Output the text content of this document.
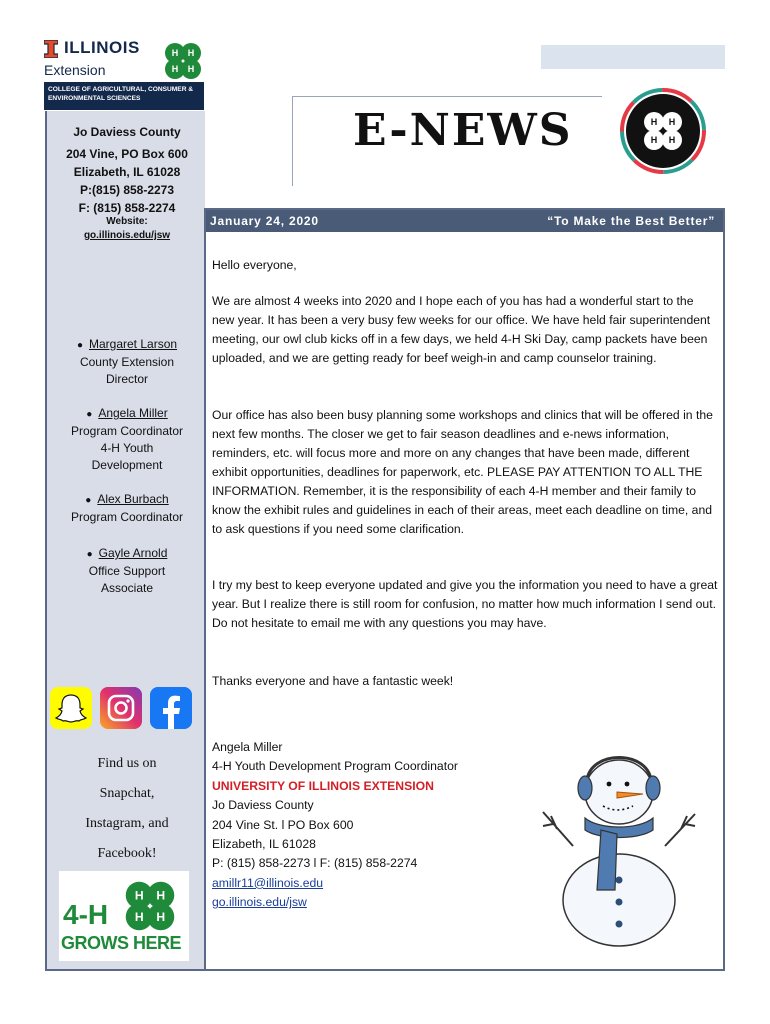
ILLINOIS
Extension
H H
H H
COLLEGE OF AGRICULTURAL, CONSUMER & ENVIRONMENTAL SCIENCES
Jo Daviess County
204 Vine, PO Box 600
Elizabeth, IL 61028
P:(815) 858-2273
F: (815) 858-2274
Website:
go.illinois.edu/jsw
● Margaret Larson
County Extension
Director
● Angela Miller
Program Coordinator
4-H Youth
Development
● Alex Burbach
Program Coordinator
● Gayle Arnold
Office Support
Associate
Find us on
Snapchat,
Instagram, and
Facebook!
H H
H H
4-H
GROWS HERE
E-NEWS	H H
H H
January 24, 2020	“To Make the Best Better”

Hello everyone,

We are almost 4 weeks into 2020 and I hope each of you has had a wonderful start to the new year. It has been a very busy few weeks for our office. We have held fair superintendent meeting, our owl club kicks off in a few days, we held 4-H Ski Day, camp packets have been uploaded, and we are getting ready for beef weigh-in and camp counselor training.

Our office has also been busy planning some workshops and clinics that will be offered in the next few months. The closer we get to fair season deadlines and e-news information, reminders, etc. will focus more and more on any changes that have been made, different exhibit opportunities, deadlines for paperwork, etc. PLEASE PAY ATTENTION TO ALL THE INFORMATION. Remember, it is the responsibility of each 4-H member and their family to know the exhibit rules and guidelines in each of their areas, meet each deadline on time, and to ask questions if you need some clarification.

I try my best to keep everyone updated and give you the information you need to have a great year. But I realize there is still room for confusion, no matter how much information I send out. Do not hesitate to email me with any questions you may have.

Thanks everyone and have a fantastic week!

Angela Miller
4-H Youth Development Program Coordinator
UNIVERSITY OF ILLINOIS EXTENSION
Jo Daviess County
204 Vine St. l PO Box 600
Elizabeth, IL 61028
P: (815) 858-2273 l F: (815) 858-2274
amillr11@illinois.edu
go.illinois.edu/jsw
